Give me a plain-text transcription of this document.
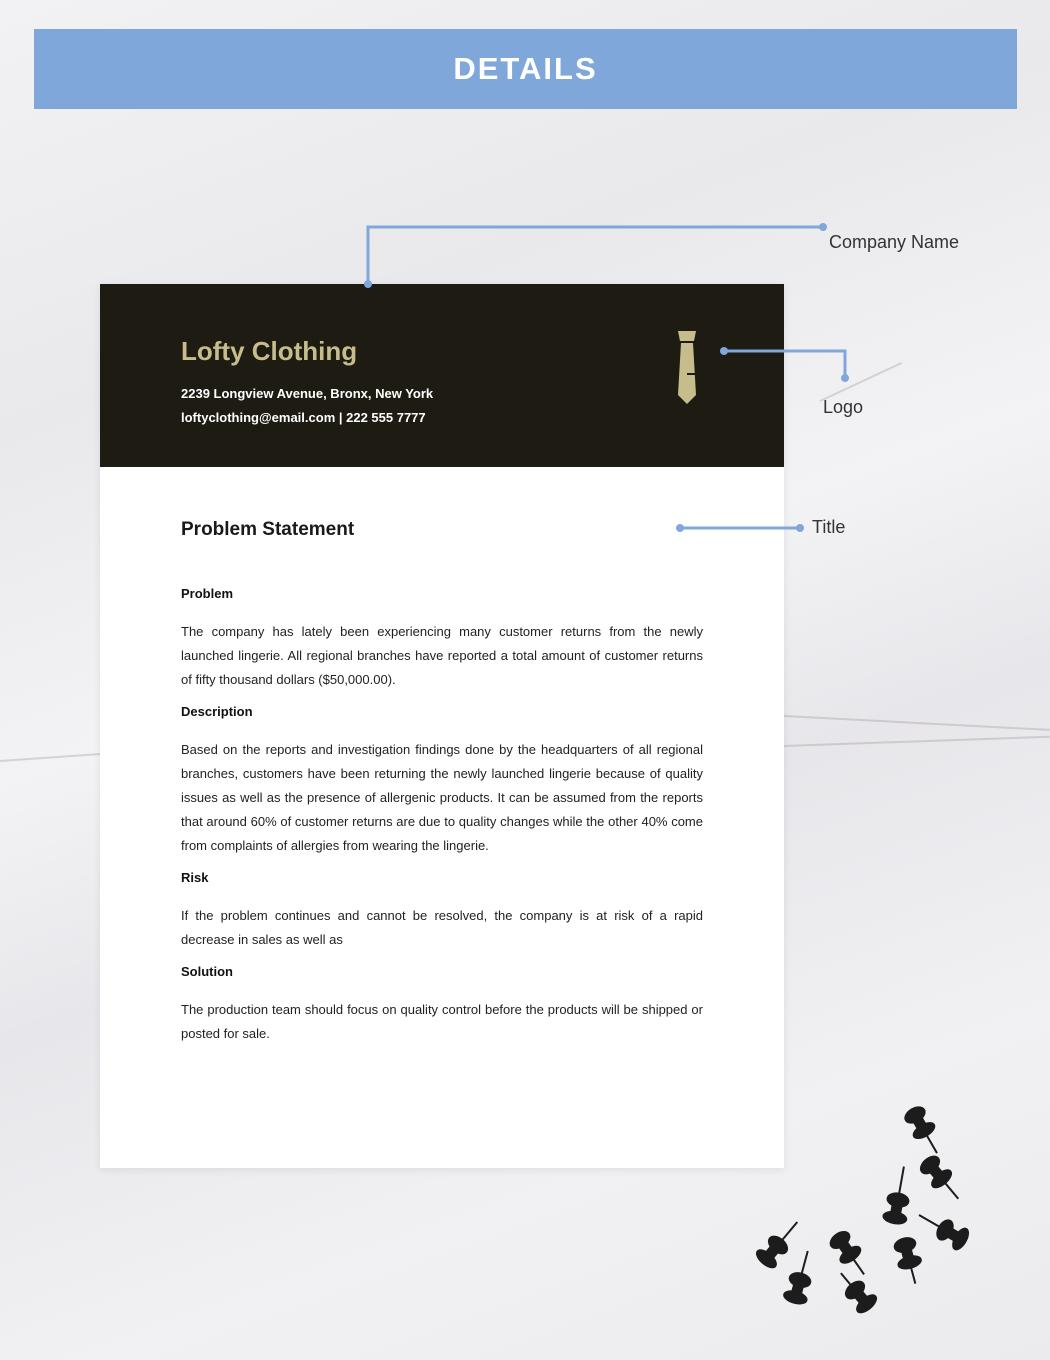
DETAILS
Lofty Clothing
2239 Longview Avenue, Bronx, New York
loftyclothing@email.com | 222 555 7777
Problem Statement
Problem
The company has lately been experiencing many customer returns from the newly launched lingerie. All regional branches have reported a total amount of customer returns of fifty thousand dollars ($50,000.00).
Description
Based on the reports and investigation findings done by the headquarters of all regional branches, customers have been returning the newly launched lingerie because of quality issues as well as the presence of allergenic products. It can be assumed from the reports that around 60% of customer returns are due to quality changes while the other 40% come from complaints of allergies from wearing the lingerie.
Risk
If the problem continues and cannot be resolved, the company is at risk of a rapid decrease in sales as well as
Solution
The production team should focus on quality control before the products will be shipped or posted for sale.
Company Name
Logo
Title
